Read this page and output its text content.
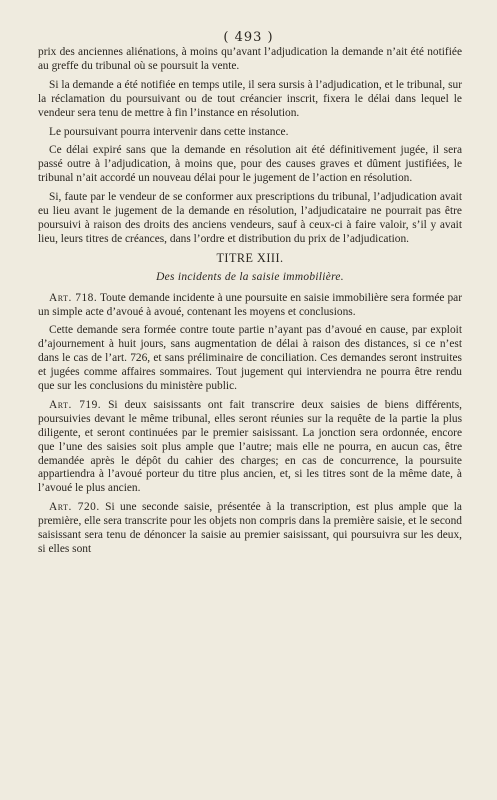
( 493 )

prix des anciennes aliénations, à moins qu’avant l’adjudication la demande n’ait été notifiée au greffe du tribunal où se poursuit la vente.

Si la demande a été notifiée en temps utile, il sera sursis à l’adjudication, et le tribunal, sur la réclamation du poursuivant ou de tout créancier inscrit, fixera le délai dans lequel le vendeur sera tenu de mettre à fin l’instance en résolution.

Le poursuivant pourra intervenir dans cette instance.

Ce délai expiré sans que la demande en résolution ait été définitivement jugée, il sera passé outre à l’adjudication, à moins que, pour des causes graves et dûment justifiées, le tribunal n’ait accordé un nouveau délai pour le jugement de l’action en résolution.

Si, faute par le vendeur de se conformer aux prescriptions du tribunal, l’adjudication avait eu lieu avant le jugement de la demande en résolution, l’adjudicataire ne pourrait pas être poursuivi à raison des droits des anciens vendeurs, sauf à ceux-ci à faire valoir, s’il y avait lieu, leurs titres de créances, dans l’ordre et distribution du prix de l’adjudication.

TITRE XIII.
Des incidents de la saisie immobilière.

Art. 718. Toute demande incidente à une poursuite en saisie immobilière sera formée par un simple acte d’avoué à avoué, contenant les moyens et conclusions.

Cette demande sera formée contre toute partie n’ayant pas d’avoué en cause, par exploit d’ajournement à huit jours, sans augmentation de délai à raison des distances, si ce n’est dans le cas de l’art. 726, et sans préliminaire de conciliation. Ces demandes seront instruites et jugées comme affaires sommaires. Tout jugement qui interviendra ne pourra être rendu que sur les conclusions du ministère public.

Art. 719. Si deux saisissants ont fait transcrire deux saisies de biens différents, poursuivies devant le même tribunal, elles seront réunies sur la requête de la partie la plus diligente, et seront continuées par le premier saisissant. La jonction sera ordonnée, encore que l’une des saisies soit plus ample que l’autre; mais elle ne pourra, en aucun cas, être demandée après le dépôt du cahier des charges; en cas de concurrence, la poursuite appartiendra à l’avoué porteur du titre plus ancien, et, si les titres sont de la même date, à l’avoué le plus ancien.

Art. 720. Si une seconde saisie, présentée à la transcription, est plus ample que la première, elle sera transcrite pour les objets non compris dans la première saisie, et le second saisissant sera tenu de dénoncer la saisie au premier saisissant, qui poursuivra sur les deux, si elles sont
